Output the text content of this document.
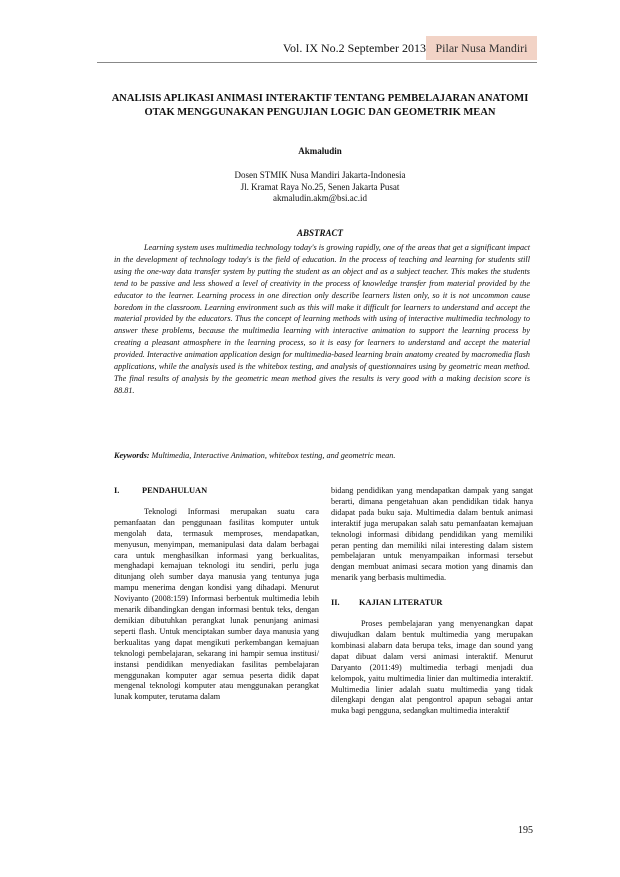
Vol. IX No.2 September 2013 Pilar Nusa Mandiri
ANALISIS APLIKASI ANIMASI INTERAKTIF TENTANG PEMBELAJARAN ANATOMI OTAK MENGGUNAKAN PENGUJIAN LOGIC DAN GEOMETRIK MEAN
Akmaludin
Dosen STMIK Nusa Mandiri Jakarta-Indonesia
Jl. Kramat Raya No.25, Senen Jakarta Pusat
akmaludin.akm@bsi.ac.id
ABSTRACT

Learning system uses multimedia technology today's is growing rapidly, one of the areas that get a significant impact in the development of technology today's is the field of education. In the process of teaching and learning for students still using the one-way data transfer system by putting the student as an object and as a subject teacher. This makes the students tend to be passive and less showed a level of creativity in the process of knowledge transfer from material provided by the educator to the learner. Learning process in one direction only describe learners listen only, so it is not uncommon cause boredom in the classroom. Learning environment such as this will make it difficult for learners to understand and accept the material provided by the educators. Thus the concept of learning methods with using of interactive multimedia technology to answer these problems, because the multimedia learning with interactive animation to support the learning process by creating a pleasant atmosphere in the learning process, so it is easy for learners to understand and accept the material provided. Interactive animation application design for multimedia-based learning brain anatomy created by macromedia flash applications, while the analysis used is the whitebox testing, and analysis of questionnaires using by geometric mean method. The final results of analysis by the geometric mean method gives the results is very good with a making decision score is 88.81.

Keywords: Multimedia, Interactive Animation, whitebox testing, and geometric mean.
I.	PENDAHULUAN

Teknologi Informasi merupakan suatu cara pemanfaatan dan penggunaan fasilitas komputer untuk mengolah data, termasuk memproses, mendapatkan, menyusun, menyimpan, memanipulasi data dalam berbagai cara untuk menghasilkan informasi yang berkualitas, menghadapi kemajuan teknologi itu sendiri, perlu juga ditunjang oleh sumber daya manusia yang tentunya juga mampu menerima dengan kondisi yang dihadapi. Menurut Noviyanto (2008:159) Informasi berbentuk multimedia lebih menarik dibandingkan dengan informasi bentuk teks, dengan demikian dibutuhkan perangkat lunak penunjang animasi seperti flash. Untuk menciptakan sumber daya manusia yang berkualitas yang dapat mengikuti perkembangan kemajuan teknologi pembelajaran, sekarang ini hampir semua institusi/ instansi pendidikan menyediakan fasilitas pembelajaran menggunakan komputer agar semua peserta didik dapat mengenal teknologi komputer atau menggunakan perangkat lunak komputer, terutama dalam

bidang pendidikan yang mendapatkan dampak yang sangat berarti, dimana pengetahuan akan pendidikan tidak hanya didapat pada buku saja. Multimedia dalam bentuk animasi interaktif juga merupakan salah satu pemanfaatan kemajuan teknologi informasi dibidang pendidikan yang memiliki peran penting dan memiliki nilai interesting dalam sistem pembelajaran untuk menyampaikan informasi tersebut dengan membuat animasi secara motion yang dinamis dan menarik yang berbasis multimedia.

II. KAJIAN LITERATUR

Proses pembelajaran yang menyenangkan dapat diwujudkan dalam bentuk multimedia yang merupakan kombinasi alabarn data berupa teks, image dan sound yang dapat dibuat dalam versi animasi interaktif. Menurut Daryanto (2011:49) multimedia terbagi menjadi dua kelompok, yaitu multimedia linier dan multimedia interaktif. Multimedia linier adalah suatu multimedia yang tidak dilengkapi dengan alat pengontrol apapun sebagai antar muka bagi pengguna, sedangkan multimedia interaktif

195
